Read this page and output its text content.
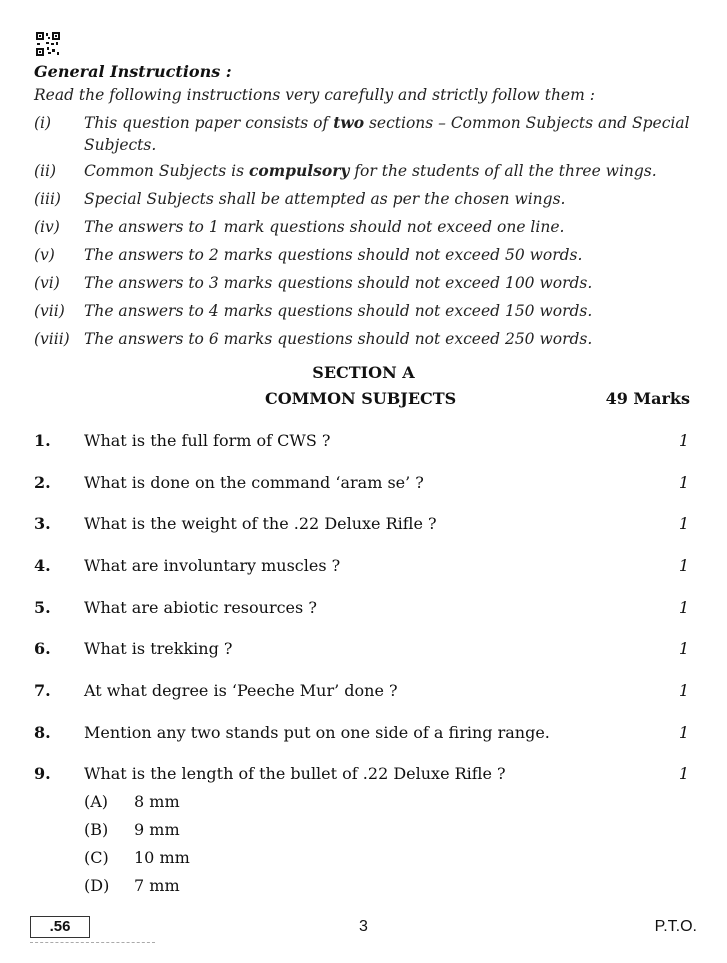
General Instructions :
Read the following instructions very carefully and strictly follow them :
(i) This question paper consists of two sections – Common Subjects and Special
Subjects.
(ii) Common Subjects is compulsory for the students of all the three wings.
(iii) Special Subjects shall be attempted as per the chosen wings.
(iv) The answers to 1 mark questions should not exceed one line.
(v) The answers to 2 marks questions should not exceed 50 words.
(vi) The answers to 3 marks questions should not exceed 100 words.
(vii) The answers to 4 marks questions should not exceed 150 words.
(viii) The answers to 6 marks questions should not exceed 250 words.
SECTION A
COMMON SUBJECTS	49 Marks
1. What is the full form of CWS ?	1
2. What is done on the command ‘aram se’ ?	1
3. What is the weight of the .22 Deluxe Rifle ?	1
4. What are involuntary muscles ?	1
5. What are abiotic resources ?	1
6. What is trekking ?	1
7. At what degree is ‘Peeche Mur’ done ?	1
8. Mention any two stands put on one side of a firing range.	1
9. What is the length of the bullet of .22 Deluxe Rifle ?	1
(A) 8 mm
(B) 9 mm
(C) 10 mm
(D) 7 mm
.56	3	P.T.O.
